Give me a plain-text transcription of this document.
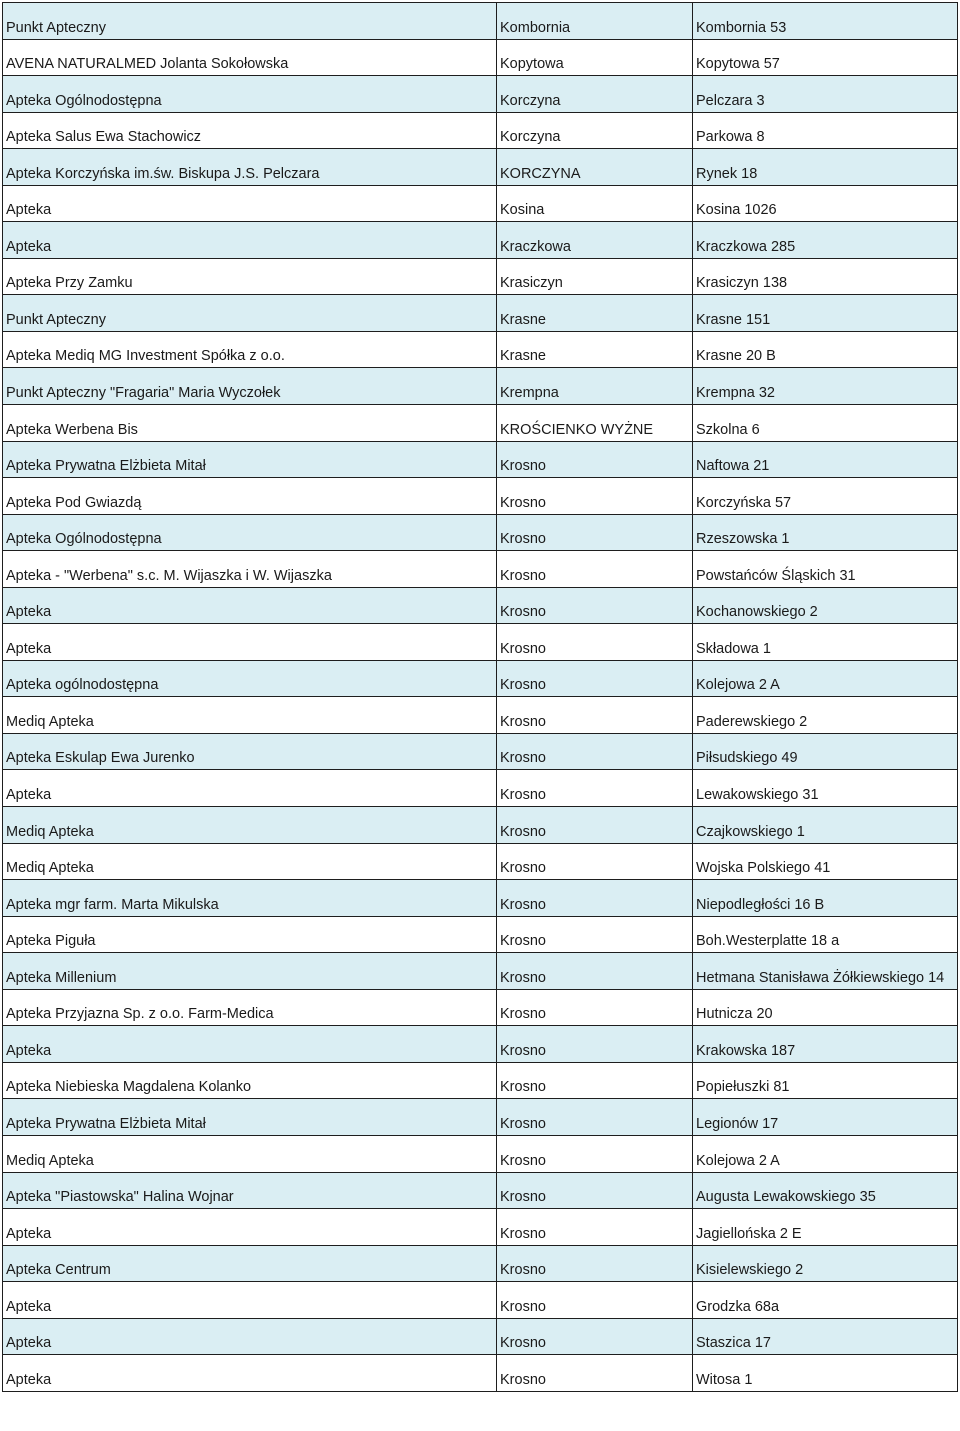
Punkt Apteczny	Kombornia	Kombornia 53
AVENA NATURALMED Jolanta Sokołowska	Kopytowa	Kopytowa 57
Apteka Ogólnodostępna	Korczyna	Pelczara 3
Apteka Salus Ewa Stachowicz	Korczyna	Parkowa 8
Apteka Korczyńska im.św. Biskupa J.S. Pelczara	KORCZYNA	Rynek 18
Apteka	Kosina	Kosina 1026
Apteka	Kraczkowa	Kraczkowa 285
Apteka Przy Zamku	Krasiczyn	Krasiczyn 138
Punkt Apteczny	Krasne	Krasne 151
Apteka Mediq MG Investment Spółka z o.o.	Krasne	Krasne 20 B
Punkt Apteczny "Fragaria" Maria Wyczołek	Krempna	Krempna 32
Apteka Werbena Bis	KROŚCIENKO WYŻNE	Szkolna 6
Apteka Prywatna Elżbieta Mitał	Krosno	Naftowa 21
Apteka Pod Gwiazdą	Krosno	Korczyńska 57
Apteka Ogólnodostępna	Krosno	Rzeszowska 1
Apteka - "Werbena" s.c. M. Wijaszka i W. Wijaszka	Krosno	Powstańców Śląskich 31
Apteka	Krosno	Kochanowskiego 2
Apteka	Krosno	Składowa 1
Apteka ogólnodostępna	Krosno	Kolejowa 2 A
Mediq Apteka	Krosno	Paderewskiego 2
Apteka Eskulap Ewa Jurenko	Krosno	Piłsudskiego 49
Apteka	Krosno	Lewakowskiego 31
Mediq Apteka	Krosno	Czajkowskiego 1
Mediq Apteka	Krosno	Wojska Polskiego 41
Apteka mgr farm. Marta Mikulska	Krosno	Niepodległości 16 B
Apteka Piguła	Krosno	Boh.Westerplatte 18 a
Apteka Millenium	Krosno	Hetmana Stanisława Żółkiewskiego 14
Apteka Przyjazna Sp. z o.o. Farm-Medica	Krosno	Hutnicza 20
Apteka	Krosno	Krakowska 187
Apteka Niebieska Magdalena Kolanko	Krosno	Popiełuszki 81
Apteka Prywatna Elżbieta Mitał	Krosno	Legionów 17
Mediq Apteka	Krosno	Kolejowa 2 A
Apteka "Piastowska" Halina Wojnar	Krosno	Augusta Lewakowskiego 35
Apteka	Krosno	Jagiellońska 2 E
Apteka Centrum	Krosno	Kisielewskiego 2
Apteka	Krosno	Grodzka 68a
Apteka	Krosno	Staszica 17
Apteka	Krosno	Witosa 1
